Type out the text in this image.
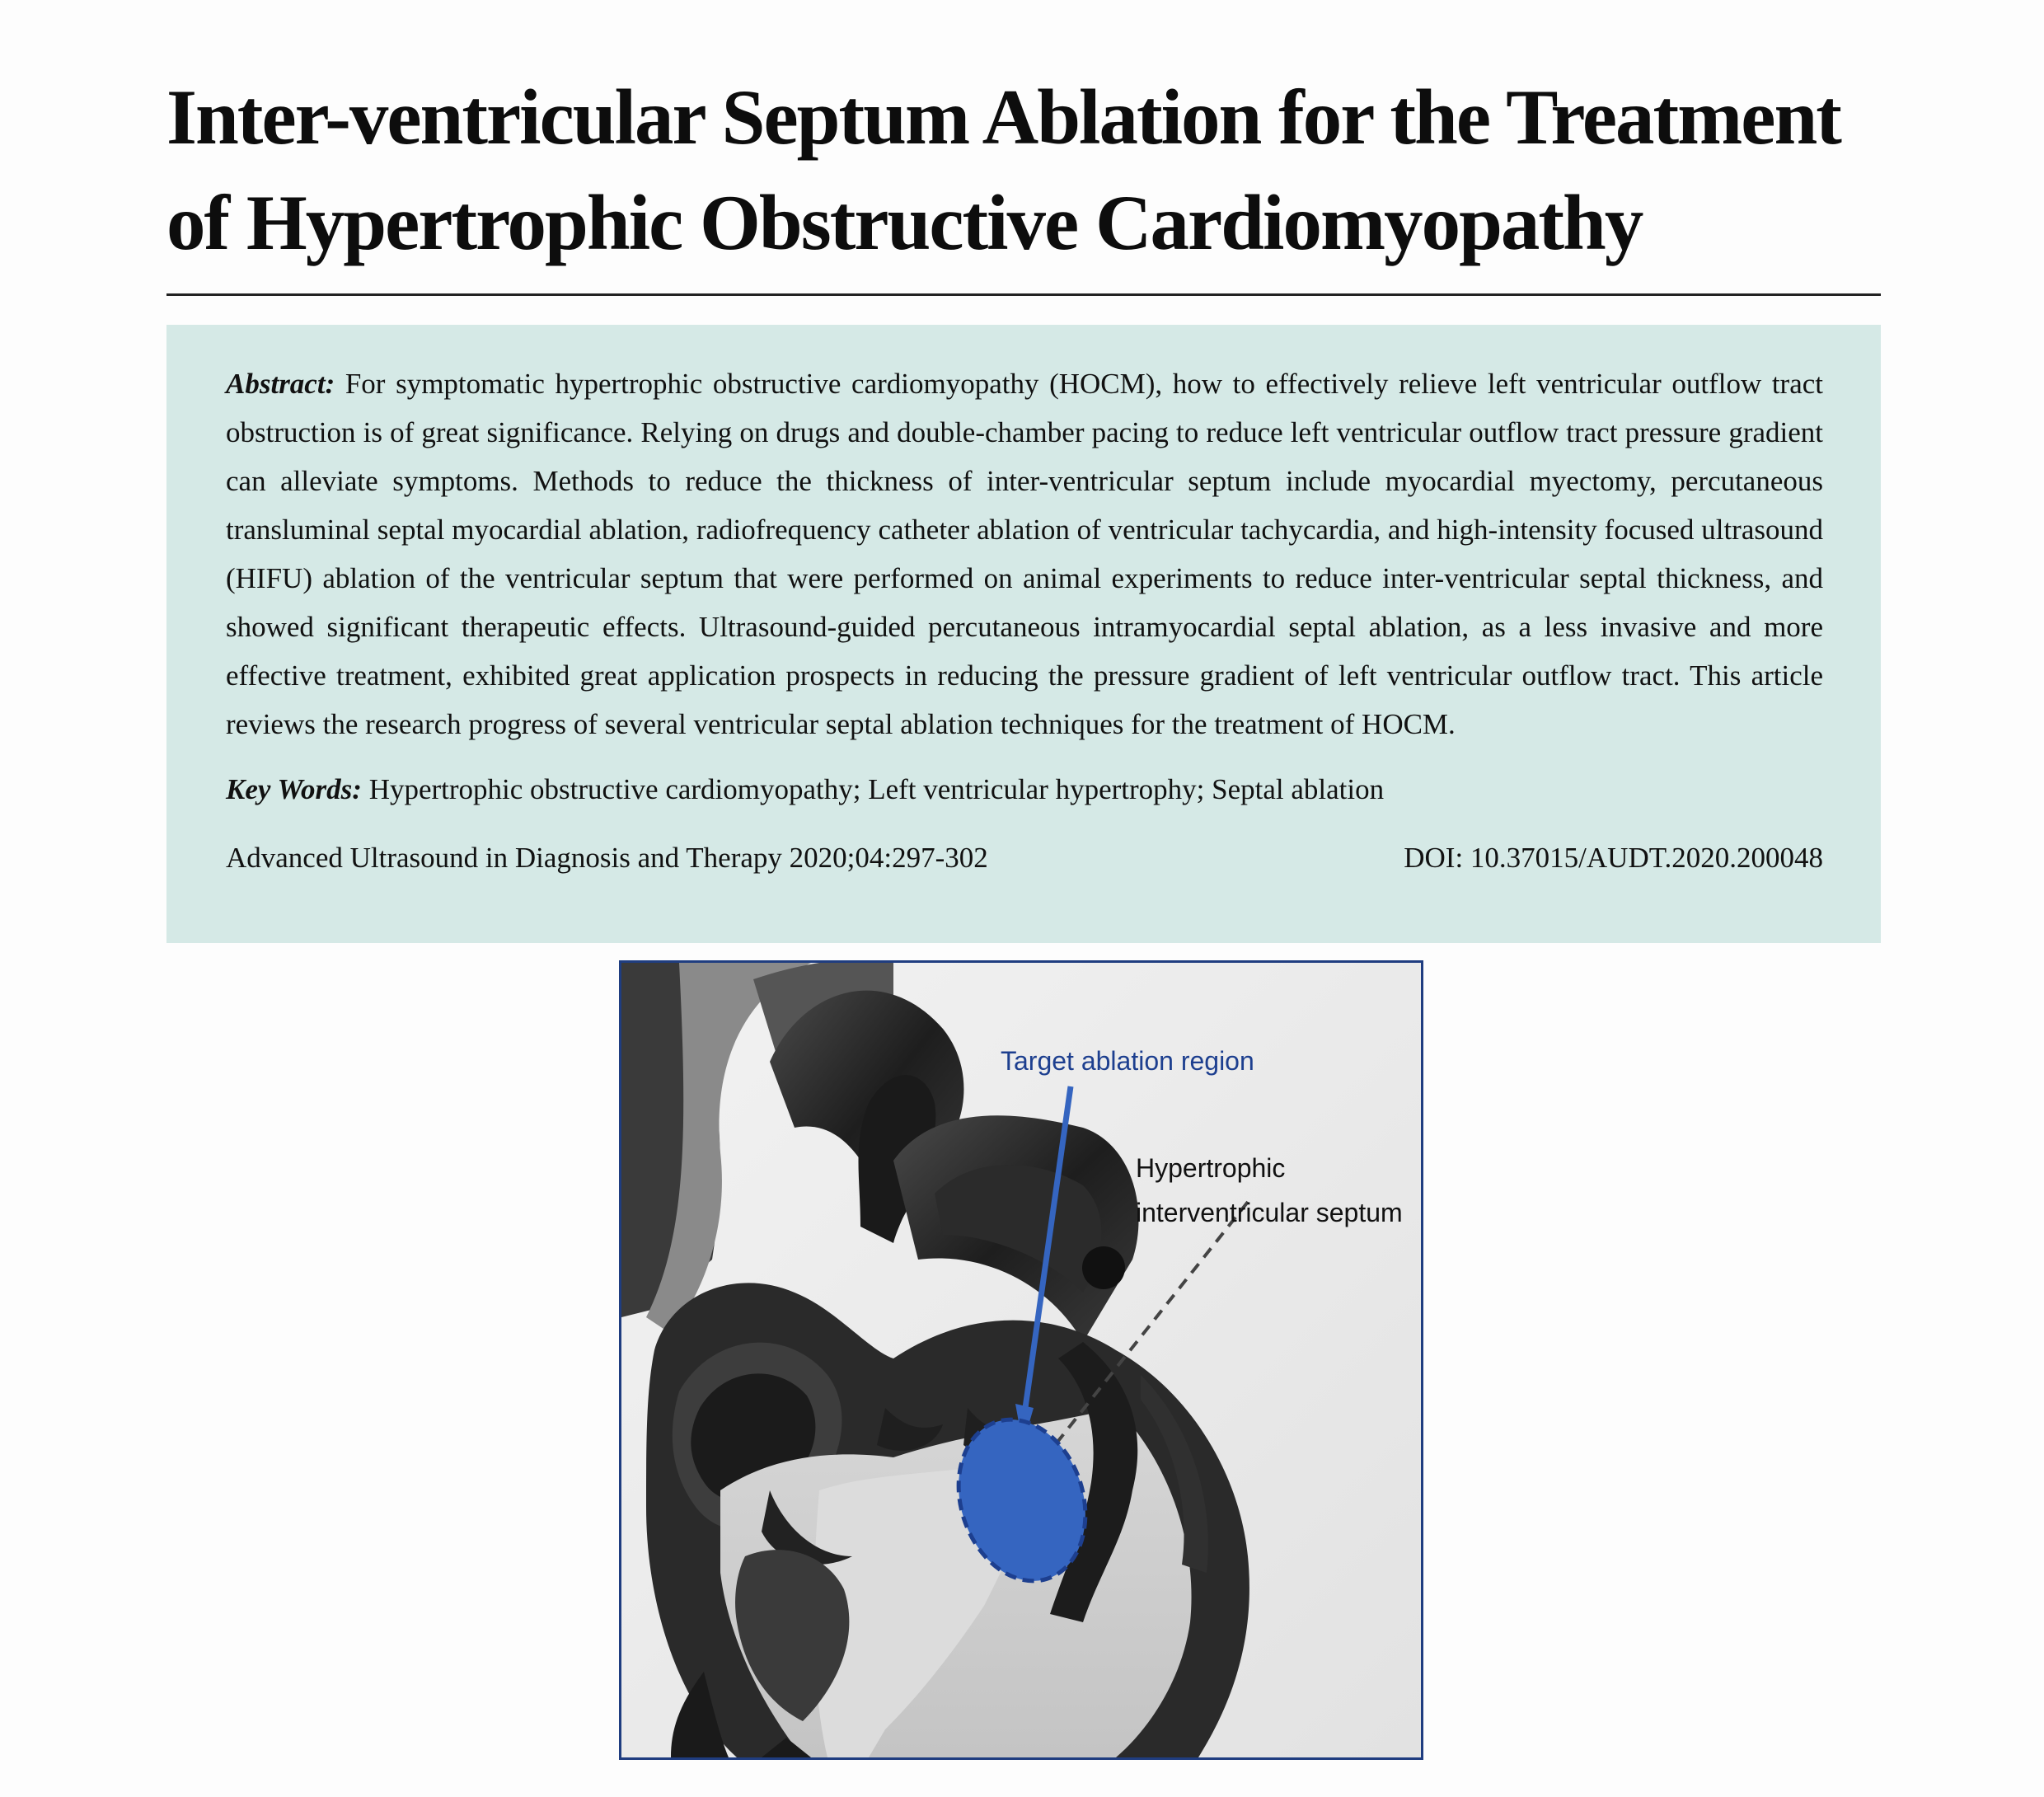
Inter-ventricular Septum Ablation for the Treatment of Hypertrophic Obstructive Cardiomyopathy

Abstract: For symptomatic hypertrophic obstructive cardiomyopathy (HOCM), how to effectively relieve left ventricular outflow tract obstruction is of great significance. Relying on drugs and double-chamber pacing to reduce left ventricular outflow tract pressure gradient can alleviate symptoms. Methods to reduce the thickness of inter-ventricular septum include myocardial myectomy, percutaneous transluminal septal myocardial ablation, radiofrequency catheter ablation of ventricular tachycardia, and high-intensity focused ultrasound (HIFU) ablation of the ventricular septum that were performed on animal experiments to reduce inter-ventricular septal thickness, and showed significant therapeutic effects. Ultrasound-guided percutaneous intramyocardial septal ablation, as a less invasive and more effective treatment, exhibited great application prospects in reducing the pressure gradient of left ventricular outflow tract. This article reviews the research progress of several ventricular septal ablation techniques for the treatment of HOCM.

Key Words: Hypertrophic obstructive cardiomyopathy; Left ventricular hypertrophy; Septal ablation

Advanced Ultrasound in Diagnosis and Therapy 2020;04:297-302	DOI: 10.37015/AUDT.2020.200048
Target ablation region
Hypertrophic
interventricular septum
